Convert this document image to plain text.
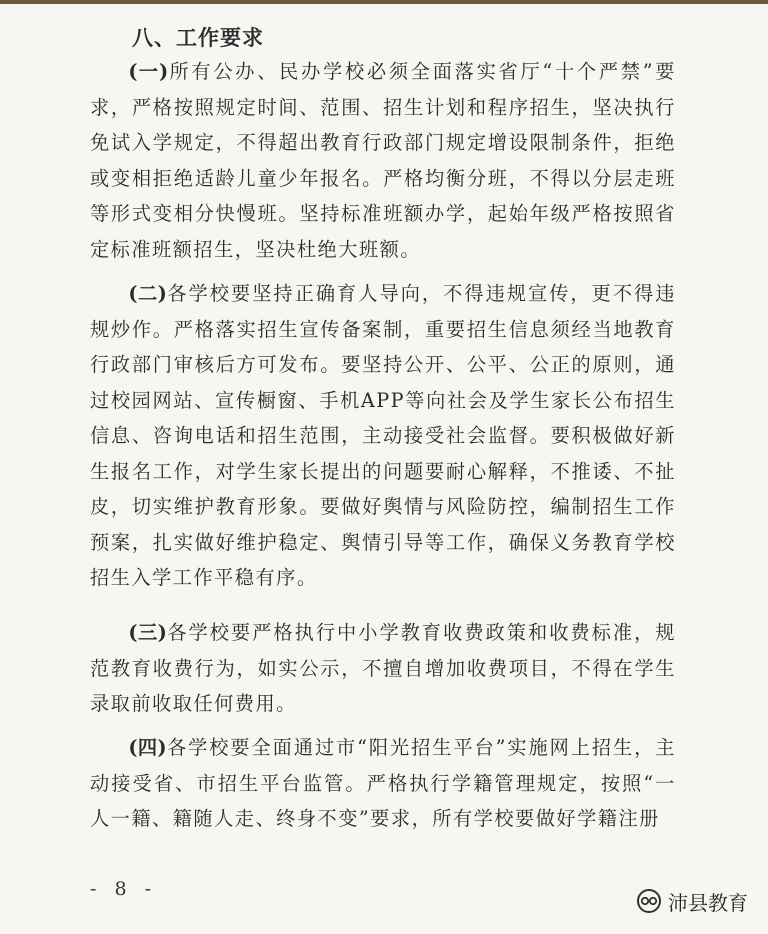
八、工作要求

(一)所有公办、民办学校必须全面落实省厅“十个严禁”要求，严格按照规定时间、范围、招生计划和程序招生，坚决执行免试入学规定，不得超出教育行政部门规定增设限制条件，拒绝或变相拒绝适龄儿童少年报名。严格均衡分班，不得以分层走班等形式变相分快慢班。坚持标准班额办学，起始年级严格按照省定标准班额招生，坚决杜绝大班额。

(二)各学校要坚持正确育人导向，不得违规宣传，更不得违规炒作。严格落实招生宣传备案制，重要招生信息须经当地教育行政部门审核后方可发布。要坚持公开、公平、公正的原则，通过校园网站、宣传橱窗、手机APP等向社会及学生家长公布招生信息、咨询电话和招生范围，主动接受社会监督。要积极做好新生报名工作，对学生家长提出的问题要耐心解释，不推诿、不扯皮，切实维护教育形象。要做好舆情与风险防控，编制招生工作预案，扎实做好维护稳定、舆情引导等工作，确保义务教育学校招生入学工作平稳有序。

(三)各学校要严格执行中小学教育收费政策和收费标准，规范教育收费行为，如实公示，不擅自增加收费项目，不得在学生录取前收取任何费用。

(四)各学校要全面通过市“阳光招生平台”实施网上招生，主动接受省、市招生平台监管。严格执行学籍管理规定，按照“一人一籍、籍随人走、终身不变”要求，所有学校要做好学籍注册

- 8 -
沛县教育
